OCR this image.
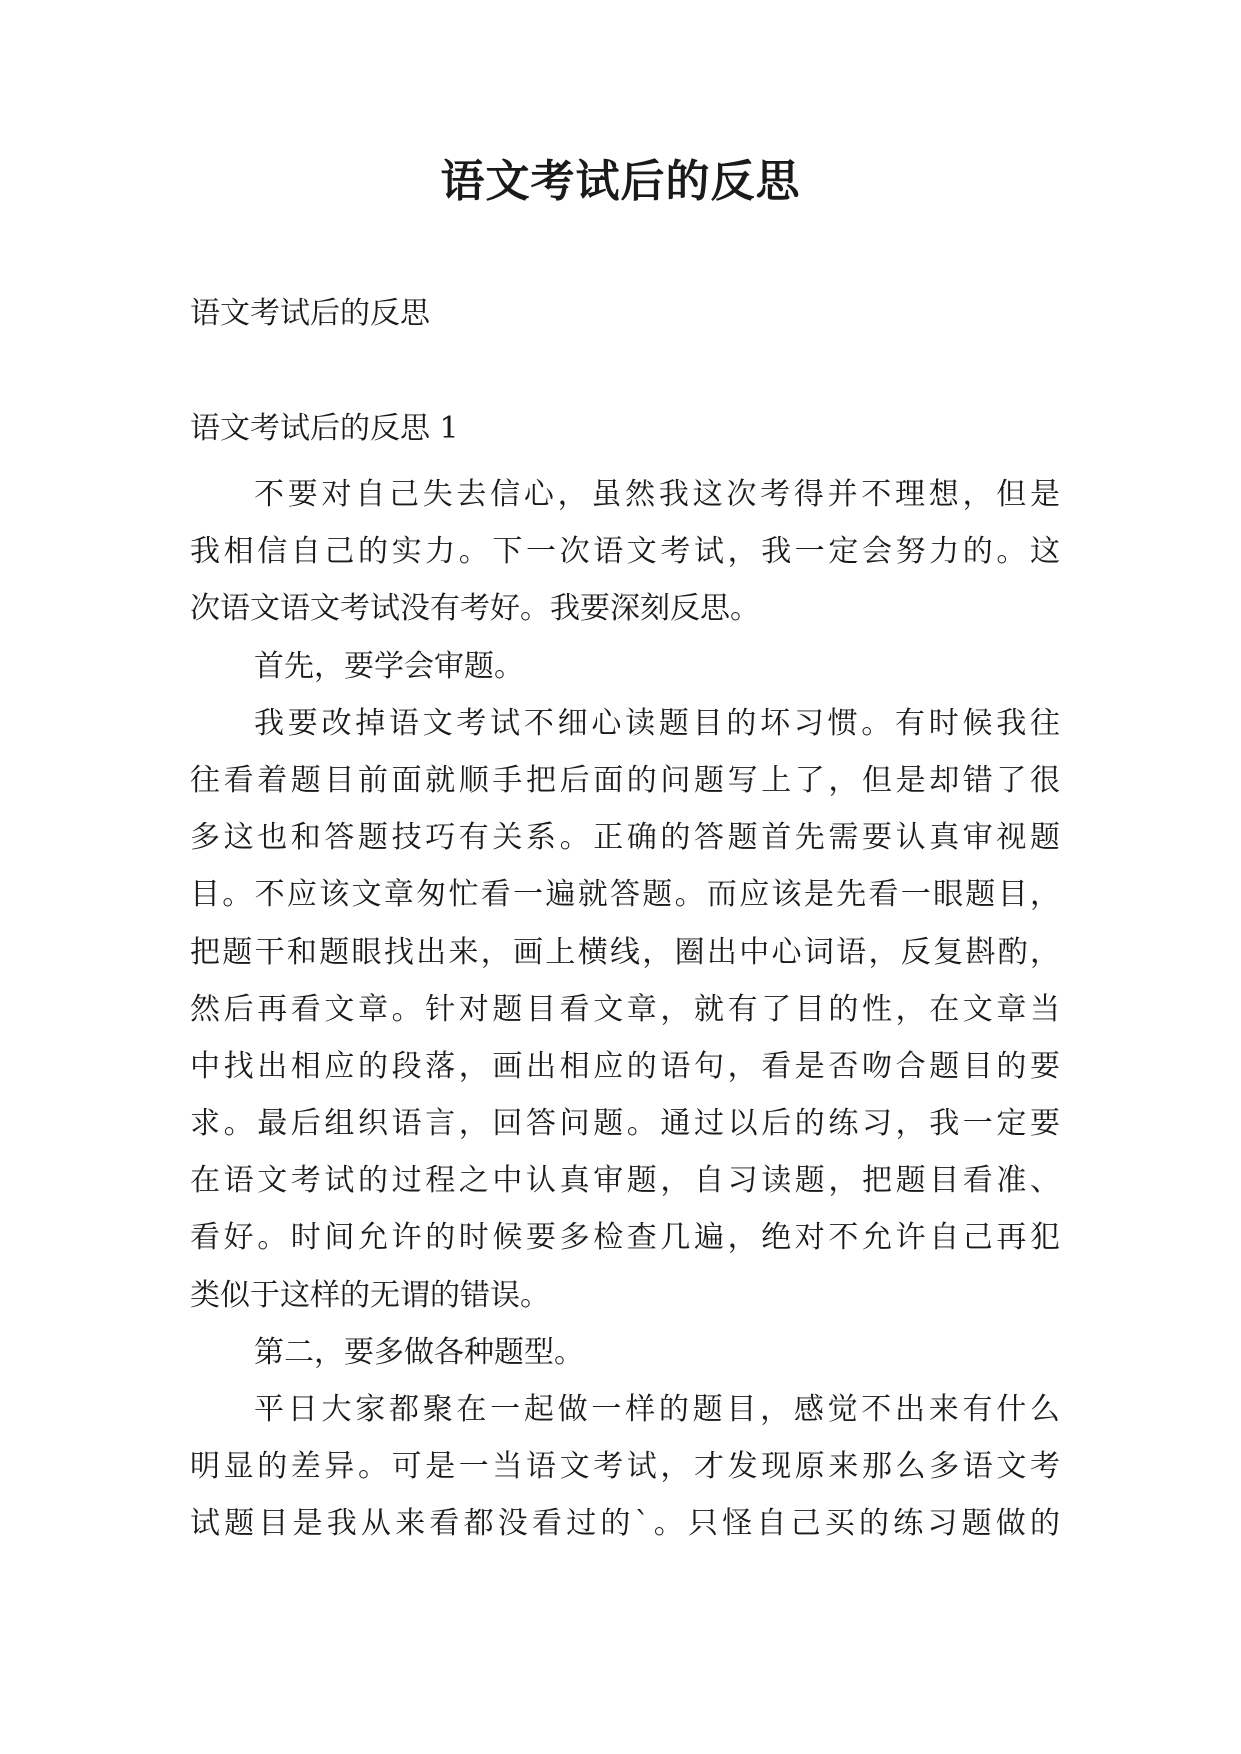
语文考试后的反思
语文考试后的反思
语文考试后的反思 1
不要对自己失去信心，虽然我这次考得并不理想，但是
我相信自己的实力。下一次语文考试，我一定会努力的。这
次语文语文考试没有考好。我要深刻反思。
首先，要学会审题。
我要改掉语文考试不细心读题目的坏习惯。有时候我往
往看着题目前面就顺手把后面的问题写上了，但是却错了很
多这也和答题技巧有关系。正确的答题首先需要认真审视题
目。不应该文章匆忙看一遍就答题。而应该是先看一眼题目，
把题干和题眼找出来，画上横线，圈出中心词语，反复斟酌，
然后再看文章。针对题目看文章，就有了目的性，在文章当
中找出相应的段落，画出相应的语句，看是否吻合题目的要
求。最后组织语言，回答问题。通过以后的练习，我一定要
在语文考试的过程之中认真审题，自习读题，把题目看准、
看好。时间允许的时候要多检查几遍，绝对不允许自己再犯
类似于这样的无谓的错误。
第二，要多做各种题型。
平日大家都聚在一起做一样的题目，感觉不出来有什么
明显的差异。可是一当语文考试，才发现原来那么多语文考
试题目是我从来看都没看过的`。只怪自己买的练习题做的
